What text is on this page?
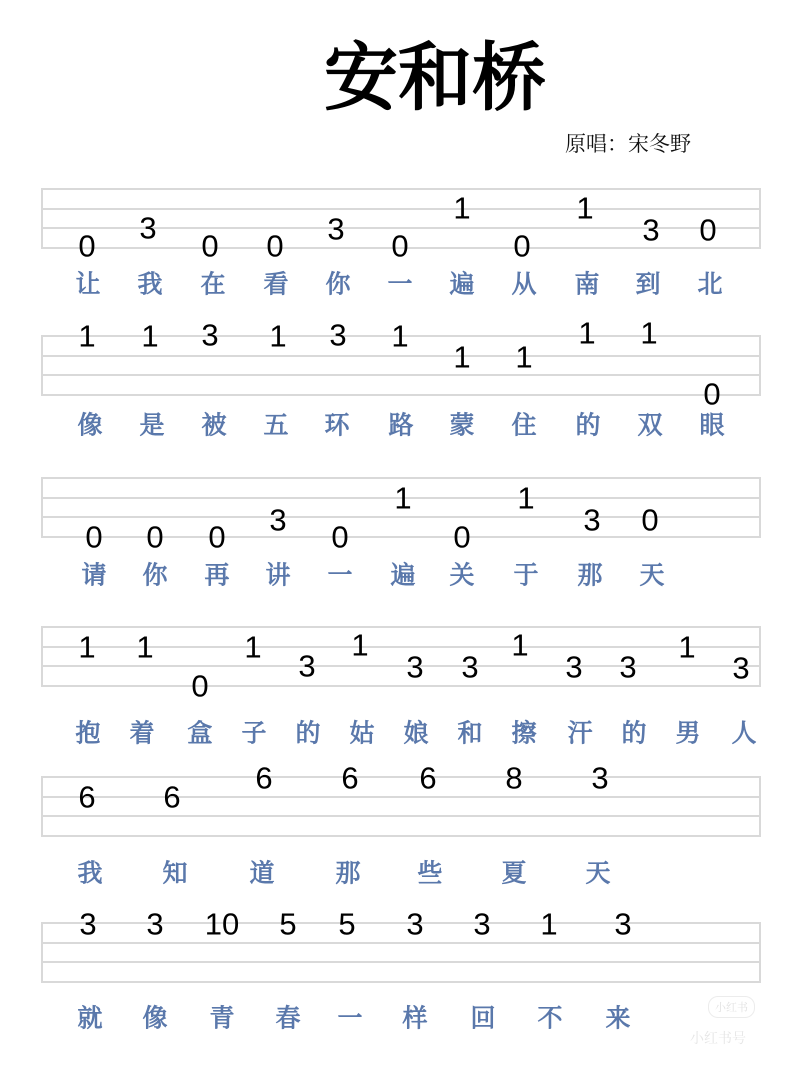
安和桥
原唱：宋冬野
0
3
0 0 3 0
1
0
1
3 0
让 我 在 看 你 一 遍 从 南 到 北
1 1 3 1 3 1
1 1
1 1
0
像 是 被 五 环 路 蒙 住 的 双 眼
0 0 0 3 0
1
0
1
3 0
请 你 再 讲 一 遍 关 于 那 天
1 1
0
1
3
1
3 3
1
3 3
1
3
抱 着 盒 子 的 姑 娘 和 擦 汗 的 男 人
6 6
6 6 6 8 3
我 知 道 那 些 夏 天
3 3 10 5 5 3 3 1 3
就 像 青 春 一 样 回 不 来	小红书
小红书号
